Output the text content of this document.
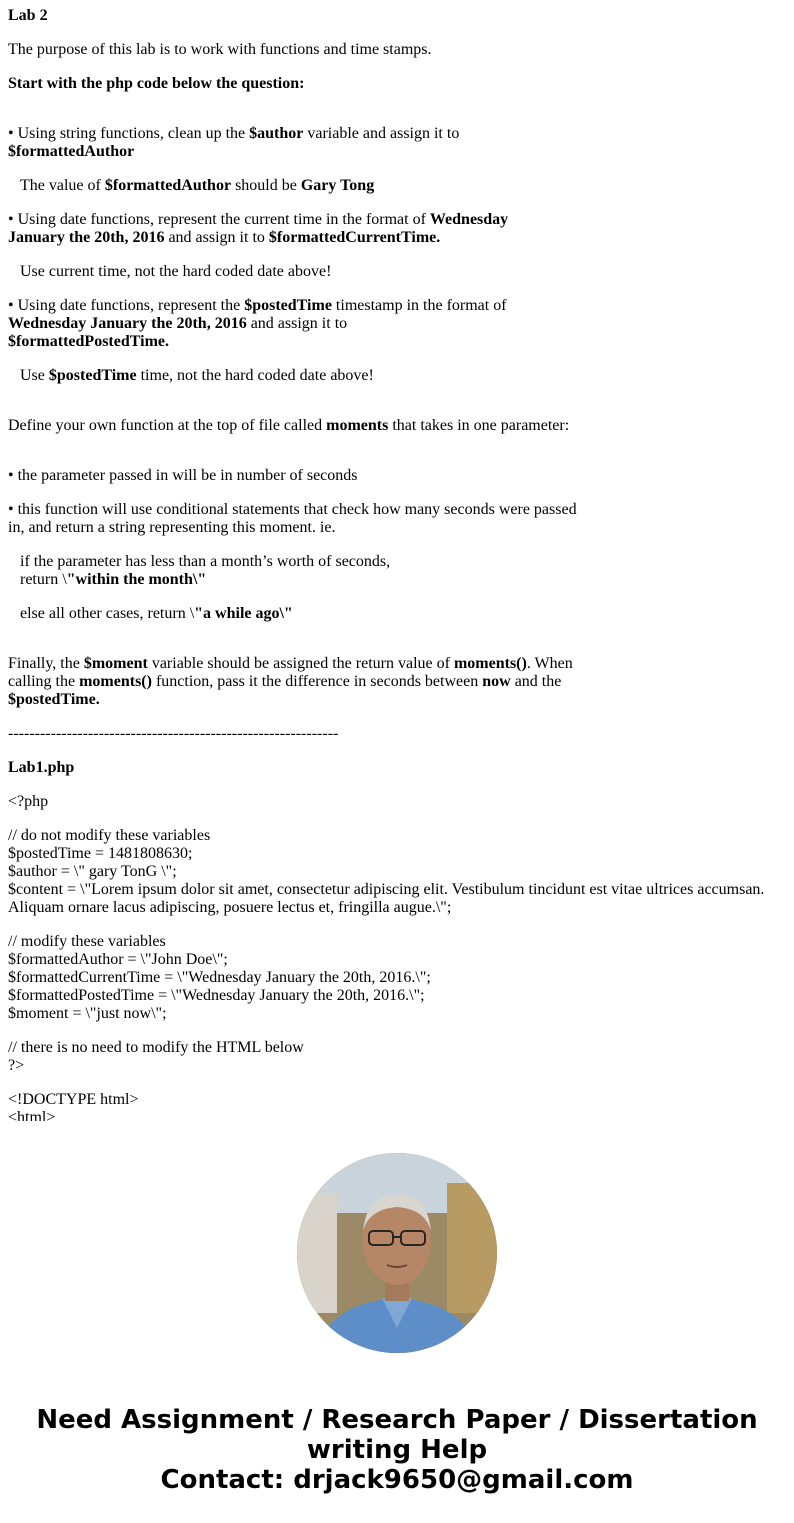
Lab 2

The purpose of this lab is to work with functions and time stamps.

Start with the php code below the question:

• Using string functions, clean up the $author variable and assign it to
$formattedAuthor

The value of $formattedAuthor should be Gary Tong

• Using date functions, represent the current time in the format of Wednesday
January the 20th, 2016 and assign it to $formattedCurrentTime.

Use current time, not the hard coded date above!

• Using date functions, represent the $postedTime timestamp in the format of
Wednesday January the 20th, 2016 and assign it to
$formattedPostedTime.

Use $postedTime time, not the hard coded date above!

Define your own function at the top of file called moments that takes in one parameter:

• the parameter passed in will be in number of seconds

• this function will use conditional statements that check how many seconds were passed
in, and return a string representing this moment. ie.

if the parameter has less than a month’s worth of seconds,
return \"within the month\"

else all other cases, return \"a while ago\"

Finally, the $moment variable should be assigned the return value of moments(). When
calling the moments() function, pass it the difference in seconds between now and the
$postedTime.

--------------------------------------------------------------

Lab1.php

<?php

// do not modify these variables
$postedTime = 1481808630;
$author = \" gary TonG \";
$content = \"Lorem ipsum dolor sit amet, consectetur adipiscing elit. Vestibulum tincidunt est vitae ultrices accumsan.
Aliquam ornare lacus adipiscing, posuere lectus et, fringilla augue.\";

// modify these variables
$formattedAuthor = \"John Doe\";
$formattedCurrentTime = \"Wednesday January the 20th, 2016.\";
$formattedPostedTime = \"Wednesday January the 20th, 2016.\";
$moment = \"just now\";

// there is no need to modify the HTML below
?>

<!DOCTYPE html>
<html>

Need Assignment / Research Paper / Dissertation
writing Help
Contact: drjack9650@gmail.com
